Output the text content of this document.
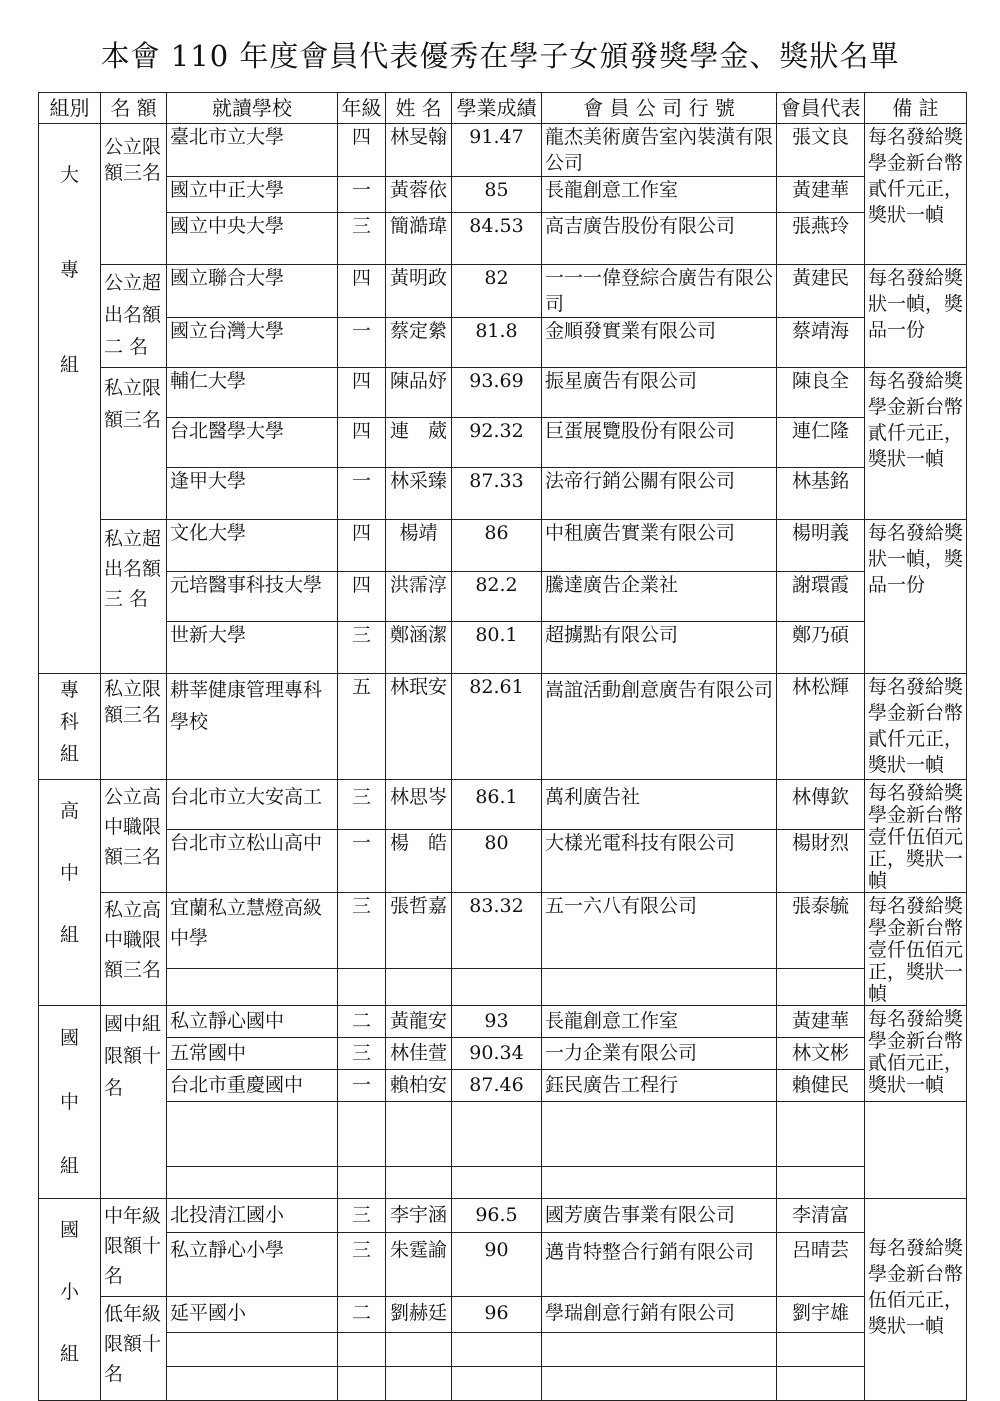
本會 110 年度會員代表優秀在學子女頒發獎學金、獎狀名單
組別	名 額	就讀學校	年級	姓 名	學業成績	會 員 公 司 行 號	會員代表	備 註

大專組	公立限額三名	臺北市立大學	四	林旻翰	91.47	龍杰美術廣告室內裝潢有限公司	張文良	每名發給獎學金新台幣貳仟元正，獎狀一幀
		國立中正大學	一	黃蓉依	85	長龍創意工作室	黃建華	
		國立中央大學	三	簡澔瑋	84.53	高吉廣告股份有限公司	張燕玲	
	公立超出名額二 名	國立聯合大學	四	黃明政	82	一一一偉登綜合廣告有限公司	黃建民	每名發給獎狀一幀，獎品一份
		國立台灣大學	一	蔡定縈	81.8	金順發實業有限公司	蔡靖海	
	私立限額三名	輔仁大學	四	陳品妤	93.69	振星廣告有限公司	陳良全	每名發給獎學金新台幣貳仟元正，獎狀一幀
		台北醫學大學	四	連　葳	92.32	巨蛋展覽股份有限公司	連仁隆	
		逢甲大學	一	林采臻	87.33	法帝行銷公關有限公司	林基銘	
	私立超出名額三 名	文化大學	四	楊靖	86	中租廣告實業有限公司	楊明義	每名發給獎狀一幀，獎品一份
		元培醫事科技大學	四	洪霈淳	82.2	騰達廣告企業社	謝環霞	
		世新大學	三	鄭涵潔	80.1	超擄點有限公司	鄭乃碩	

專科組	私立限額三名	耕莘健康管理專科學校	五	林珉安	82.61	嵩誼活動創意廣告有限公司	林松輝	每名發給獎學金新台幣貳仟元正，獎狀一幀

高中組	公立高中職限額三名	台北市立大安高工	三	林思岑	86.1	萬利廣告社	林傳欽	每名發給獎學金新台幣壹仟伍佰元正，獎狀一幀
		台北市立松山高中	一	楊　皓	80	大樣光電科技有限公司	楊財烈	
	私立高中職限額三名	宜蘭私立慧燈高級中學	三	張哲嘉	83.32	五一六八有限公司	張泰毓	每名發給獎學金新台幣壹仟伍佰元正，獎狀一幀

國中組	國中組限額十名	私立靜心國中	二	黃龍安	93	長龍創意工作室	黃建華	每名發給獎學金新台幣貳佰元正，獎狀一幀
		五常國中	三	林佳萱	90.34	一力企業有限公司	林文彬	
		台北市重慶國中	一	賴柏安	87.46	鈺民廣告工程行	賴健民	

國小組	中年級限額十名	北投清江國小	三	李宇涵	96.5	國芳廣告事業有限公司	李清富	每名發給獎學金新台幣伍佰元正，獎狀一幀
		私立靜心小學	三	朱霆諭	90	邁肯特整合行銷有限公司	呂晴芸	
	低年級限額十名	延平國小	二	劉赫廷	96	學瑞創意行銷有限公司	劉宇雄	
